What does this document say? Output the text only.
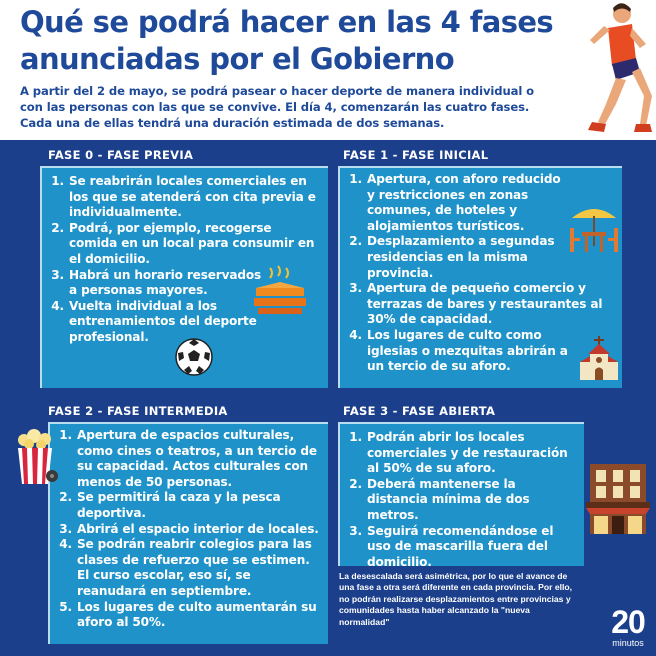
Qué se podrá hacer en las 4 fases
anunciadas por el Gobierno
A partir del 2 de mayo, se podrá pasear o hacer deporte de manera individual o
con las personas con las que se convive. El día 4, comenzarán las cuatro fases.
Cada una de ellas tendrá una duración estimada de dos semanas.
FASE 0 - FASE PREVIA
1. Se reabrirán locales comerciales en los que se atenderá con cita previa e individualmente.
2. Podrá, por ejemplo, recogerse comida en un local para consumir en el domicilio.
3. Habrá un horario reservados a personas mayores.
4. Vuelta individual a los entrenamientos del deporte profesional.
FASE 1 - FASE INICIAL
1. Apertura, con aforo reducido y restricciones en zonas comunes, de hoteles y alojamientos turísticos.
2. Desplazamiento a segundas residencias en la misma provincia.
3. Apertura de pequeño comercio y terrazas de bares y restaurantes al 30% de capacidad.
4. Los lugares de culto como iglesias o mezquitas abrirán a un tercio de su aforo.
FASE 2 - FASE INTERMEDIA
1. Apertura de espacios culturales, como cines o teatros, a un tercio de su capacidad. Actos culturales con menos de 50 personas.
2. Se permitirá la caza y la pesca deportiva.
3. Abrirá el espacio interior de locales.
4. Se podrán reabrir colegios para las clases de refuerzo que se estimen. El curso escolar, eso sí, se reanudará en septiembre.
5. Los lugares de culto aumentarán su aforo al 50%.
FASE 3 - FASE ABIERTA
1. Podrán abrir los locales comerciales y de restauración al 50% de su aforo.
2. Deberá mantenerse la distancia mínima de dos metros.
3. Seguirá recomendándose el uso de mascarilla fuera del domicilio.
La desescalada será asimétrica, por lo que el avance de una fase a otra será diferente en cada provincia. Por ello, no podrán realizarse desplazamientos entre provincias y comunidades hasta haber alcanzado la "nueva normalidad"	20
minutos
